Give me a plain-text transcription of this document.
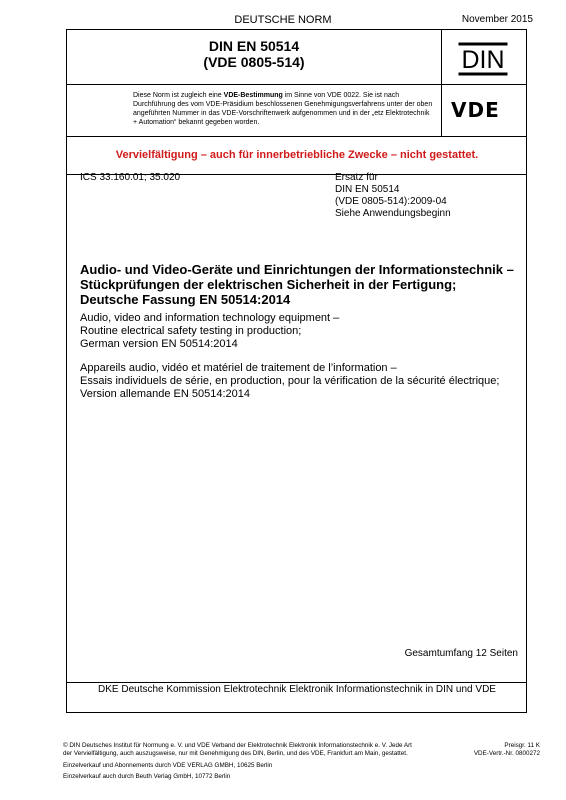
DEUTSCHE NORM	November 2015
DIN EN 50514
(VDE 0805-514)	DIN
Diese Norm ist zugleich eine VDE-Bestimmung im Sinne von VDE 0022. Sie ist nach Durchführung des vom VDE-Präsidium beschlossenen Genehmigungsverfahrens unter der oben angeführten Nummer in das VDE-Vorschriftenwerk aufgenommen und in der „etz Elektrotechnik + Automation“ bekannt gegeben worden.
VDE
Vervielfältigung – auch für innerbetriebliche Zwecke – nicht gestattet.
ICS 33.160.01; 35.020	Ersatz für
DIN EN 50514
(VDE 0805-514):2009-04
Siehe Anwendungsbeginn
Audio- und Video-Geräte und Einrichtungen der Informationstechnik –
Stückprüfungen der elektrischen Sicherheit in der Fertigung;
Deutsche Fassung EN 50514:2014
Audio, video and information technology equipment –
Routine electrical safety testing in production;
German version EN 50514:2014
Appareils audio, vidéo et matériel de traitement de l’information –
Essais individuels de série, en production, pour la vérification de la sécurité électrique;
Version allemande EN 50514:2014
Gesamtumfang 12 Seiten
DKE Deutsche Kommission Elektrotechnik Elektronik Informationstechnik in DIN und VDE
© DIN Deutsches Institut für Normung e. V. und VDE Verband der Elektrotechnik Elektronik Informationstechnik e. V. Jede Art der Vervielfältigung, auch auszugsweise, nur mit Genehmigung des DIN, Berlin, und des VDE, Frankfurt am Main, gestattet.
Einzelverkauf und Abonnements durch VDE VERLAG GMBH, 10625 Berlin
Einzelverkauf auch durch Beuth Verlag GmbH, 10772 Berlin
Preisgr. 11 K
VDE-Vertr.-Nr. 0800272
